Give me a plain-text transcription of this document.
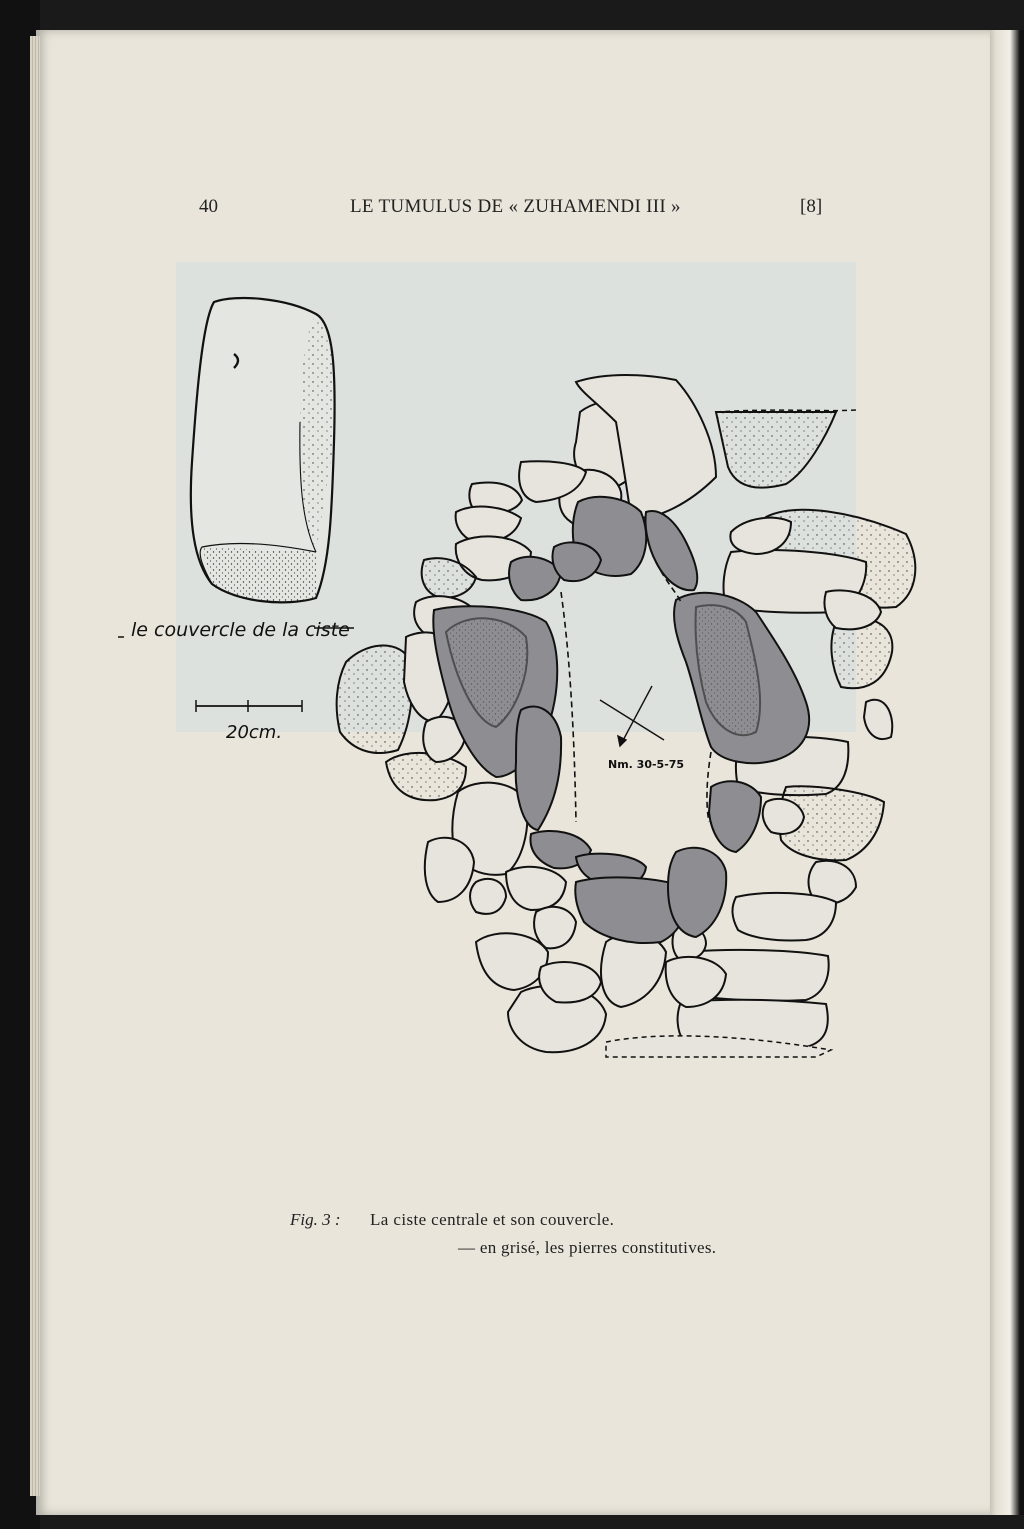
40	LE TUMULUS DE « ZUHAMENDI III »	[8]
le couvercle de la ciste
20cm.
Nm. 30-5-75
Fig. 3 : La ciste centrale et son couvercle.
— en grisé, les pierres constitutives.
